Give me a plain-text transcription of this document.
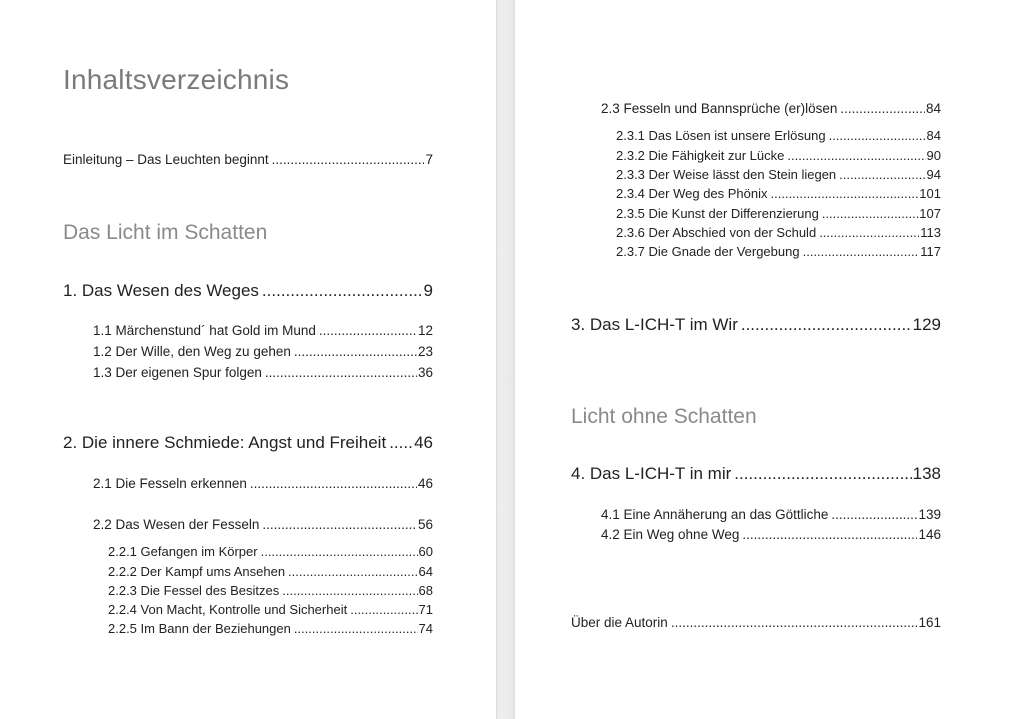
Inhaltsverzeichnis
Einleitung – Das Leuchten beginnt .....	7
Das Licht im Schatten
1. Das Wesen des Weges .....	9
1.1 Märchenstund´ hat Gold im Mund .....	12
1.2 Der Wille, den Weg zu gehen .....	23
1.3 Der eigenen Spur folgen .....	36
2. Die innere Schmiede: Angst und Freiheit ..... 46
2.1 Die Fesseln erkennen .....	46
2.2 Das Wesen der Fesseln .....	56
2.2.1 Gefangen im Körper .....	60
2.2.2 Der Kampf ums Ansehen .....	64
2.2.3 Die Fessel des Besitzes .....	68
2.2.4 Von Macht, Kontrolle und Sicherheit .....	71
2.2.5 Im Bann der Beziehungen .....	74
2.3 Fesseln und Bannsprüche (er)lösen .....	84
2.3.1 Das Lösen ist unsere Erlösung .....	84
2.3.2 Die Fähigkeit zur Lücke .....	90
2.3.3 Der Weise lässt den Stein liegen .....	94
2.3.4 Der Weg des Phönix .....	101
2.3.5 Die Kunst der Differenzierung .....	107
2.3.6 Der Abschied von der Schuld .....	113
2.3.7 Die Gnade der Vergebung .....	117
3. Das L-ICH-T im Wir .....	129
Licht ohne Schatten
4. Das L-ICH-T in mir .....	138
4.1 Eine Annäherung an das Göttliche .....	139
4.2 Ein Weg ohne Weg .....	146
Über die Autorin .....	161
